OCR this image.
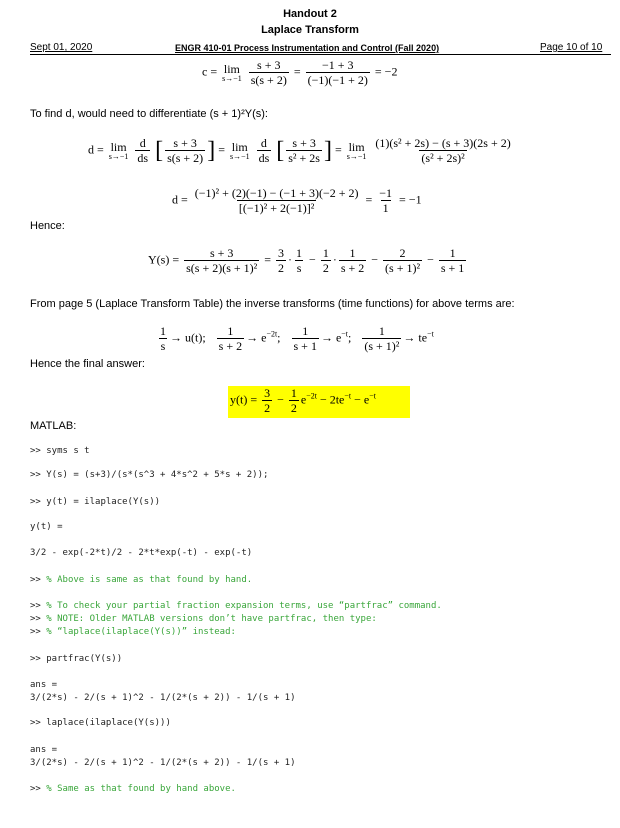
Handout 2
Laplace Transform
Sept 01, 2020	ENGR 410-01 Process Instrumentation and Control (Fall 2020)	Page 10 of 10
c = lim
s→−1
$\frac{s + 3}{s(s + 2)} = \frac{-1 + 3}{(-1)(-1 + 2)} = -2$
To find d, would need to differentiate (s + 1)²Y(s):
d = lim
s→−1
$\frac{d}{ds}$ [ $\frac{s + 3}{s(s + 2)}$ ] = lim
s→−1
$\frac{d}{ds}$ [ $\frac{s + 3}{\text{s² + 2s}}$ ] = lim
s→−1
$\frac{\text{(1)(s² + 2s) − (s + 3)(2s + 2)}}{\text{(s² + 2s)²}}$
$d = \frac{\text{(−1)² + (2)(−1) − (−1 + 3)(−2 + 2)}}{\text{[(−1)² + 2(−1)]²}} = \frac{-1}{1} = -1$
Hence:
$Y(s) = \frac{s + 3}{\text{s(s + 2)(s + 1)²}} = \frac{3}{2} \cdot \frac{1}{s} - \frac{1}{2} \cdot \frac{1}{s + 2} - \frac{2}{\text{(s + 1)²}} - \frac{1}{s + 1}$
From page 5 (Laplace Transform Table) the inverse transforms (time functions) for above terms are:
$\frac{1}{s} \to u(t)$; $\frac{1}{s + 2} \to e^{-2t}$; $\frac{1}{s + 1} \to e^{-t}$; $\frac{1}{\text{(s + 1)²}} \to te^{-t}$
Hence the final answer:
$y(t) = \frac{3}{2} - \frac{1}{2} e^{-2t} - 2te^{-t} - e^{-t}$
MATLAB:
>> syms s t
>> Y(s) = (s+3)/(s*(s^3 + 4*s^2 + 5*s + 2));
>> y(t) = ilaplace(Y(s))
y(t) =
3/2 - exp(-2*t)/2 - 2*t*exp(-t) - exp(-t)
>> % Above is same as that found by hand.
>> % To check your partial fraction expansion terms, use “partfrac” command.
>> % NOTE: Older MATLAB versions don’t have partfrac, then type:
>> % “laplace(ilaplace(Y(s))” instead:
>> partfrac(Y(s))
ans =
3/(2*s) - 2/(s + 1)^2 - 1/(2*(s + 2)) - 1/(s + 1)
>> laplace(ilaplace(Y(s)))
ans =
3/(2*s) - 2/(s + 1)^2 - 1/(2*(s + 2)) - 1/(s + 1)
>> % Same as that found by hand above.
